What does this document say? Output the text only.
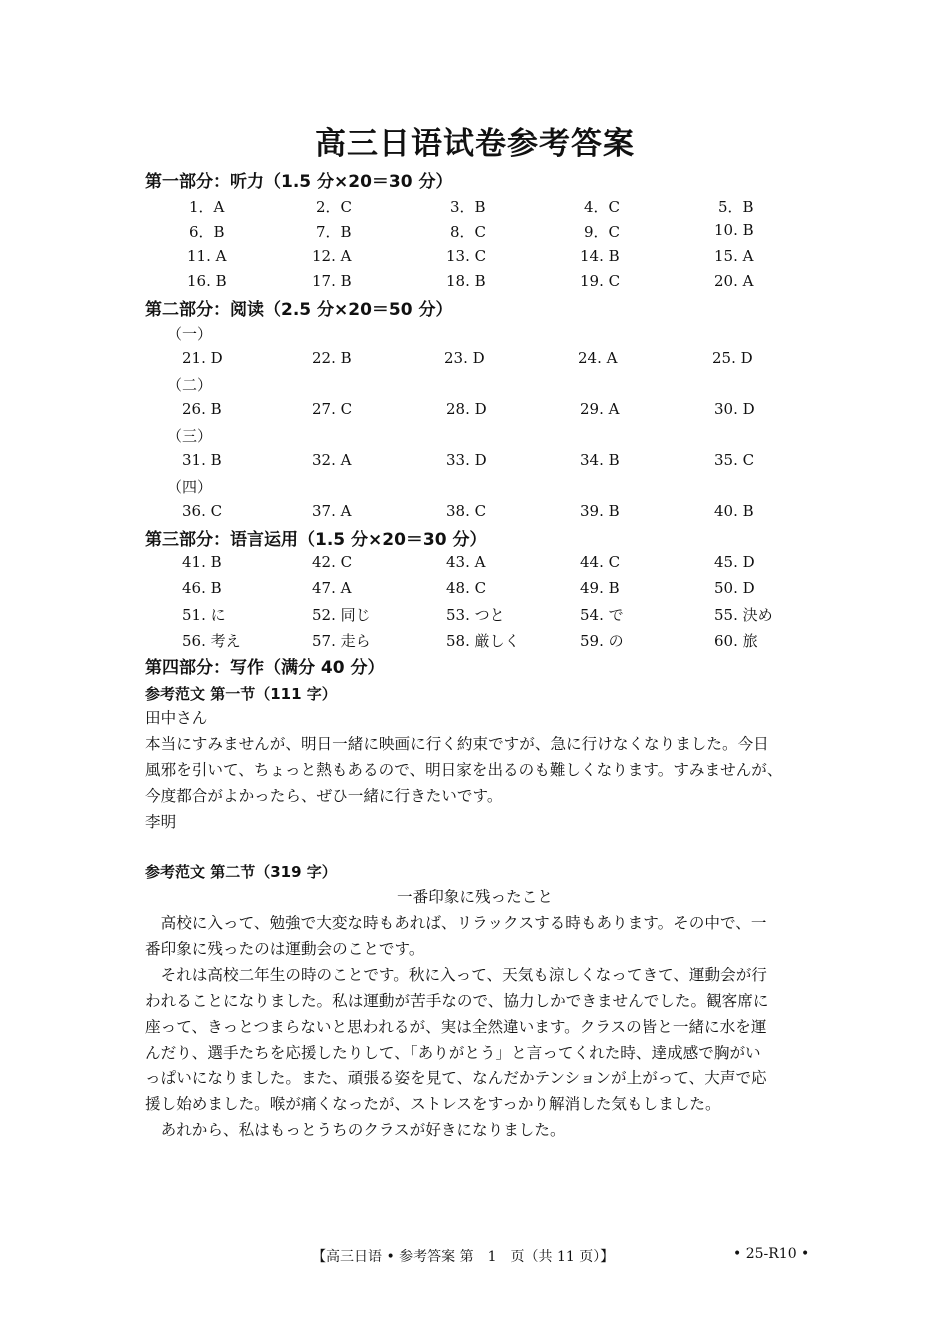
高三日语试卷参考答案
第一部分：听力（1.5 分×20＝30 分）
1．A	2．C	3．B	4．C	5．B
6．B	7．B	8．C	9．C	10. B
11. A	12. A	13. C	14. B	15. A
16. B	17. B	18. B	19. C	20. A
第二部分：阅读（2.5 分×20＝50 分）
（一）
21. D	22. B	23. D	24. A	25. D
（二）
26. B	27. C	28. D	29. A	30. D
（三）
31. B	32. A	33. D	34. B	35. C
（四）
36. C	37. A	38. C	39. B	40. B
第三部分：语言运用（1.5 分×20＝30 分）
41. B	42. C	43. A	44. C	45. D
46. B	47. A	48. C	49. B	50. D
51. に	52. 同じ	53. つと	54. で	55. 決め
56. 考え	57. 走ら	58. 厳しく	59. の	60. 旅
第四部分：写作（满分 40 分）
参考范文 第一节（111 字）
田中さん
本当にすみませんが、明日一緒に映画に行く約束ですが、急に行けなくなりました。今日
風邪を引いて、ちょっと熱もあるので、明日家を出るのも難しくなります。すみませんが、
今度都合がよかったら、ぜひ一緒に行きたいです。
李明
参考范文 第二节（319 字）
一番印象に残ったこと
　高校に入って、勉強で大変な時もあれば、リラックスする時もあります。その中で、一
番印象に残ったのは運動会のことです。
　それは高校二年生の時のことです。秋に入って、天気も涼しくなってきて、運動会が行
われることになりました。私は運動が苦手なので、協力しかできませんでした。観客席に
座って、きっとつまらないと思われるが、実は全然違います。クラスの皆と一緒に水を運
んだり、選手たちを応援したりして、「ありがとう」と言ってくれた時、達成感で胸がい
っぱいになりました。また、頑張る姿を見て、なんだかテンションが上がって、大声で応
援し始めました。喉が痛くなったが、ストレスをすっかり解消した気もしました。
　あれから、私はもっとうちのクラスが好きになりました。
【高三日语 • 参考答案 第　1　页（共 11 页）】	• 25-R10 •
